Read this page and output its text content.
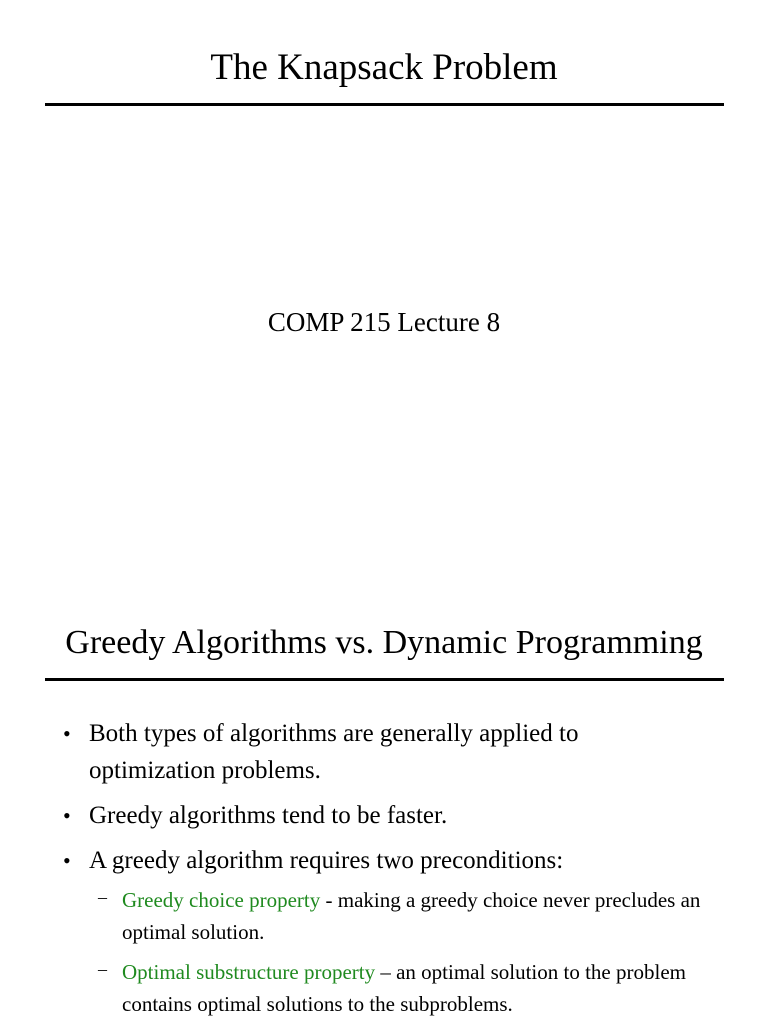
The Knapsack Problem
COMP 215 Lecture 8
Greedy Algorithms vs. Dynamic Programming
• Both types of algorithms are generally applied to optimization problems.
• Greedy algorithms tend to be faster.
• A greedy algorithm requires two preconditions:
– Greedy choice property - making a greedy choice never precludes an optimal solution.
– Optimal substructure property – an optimal solution to the problem contains optimal solutions to the subproblems.
